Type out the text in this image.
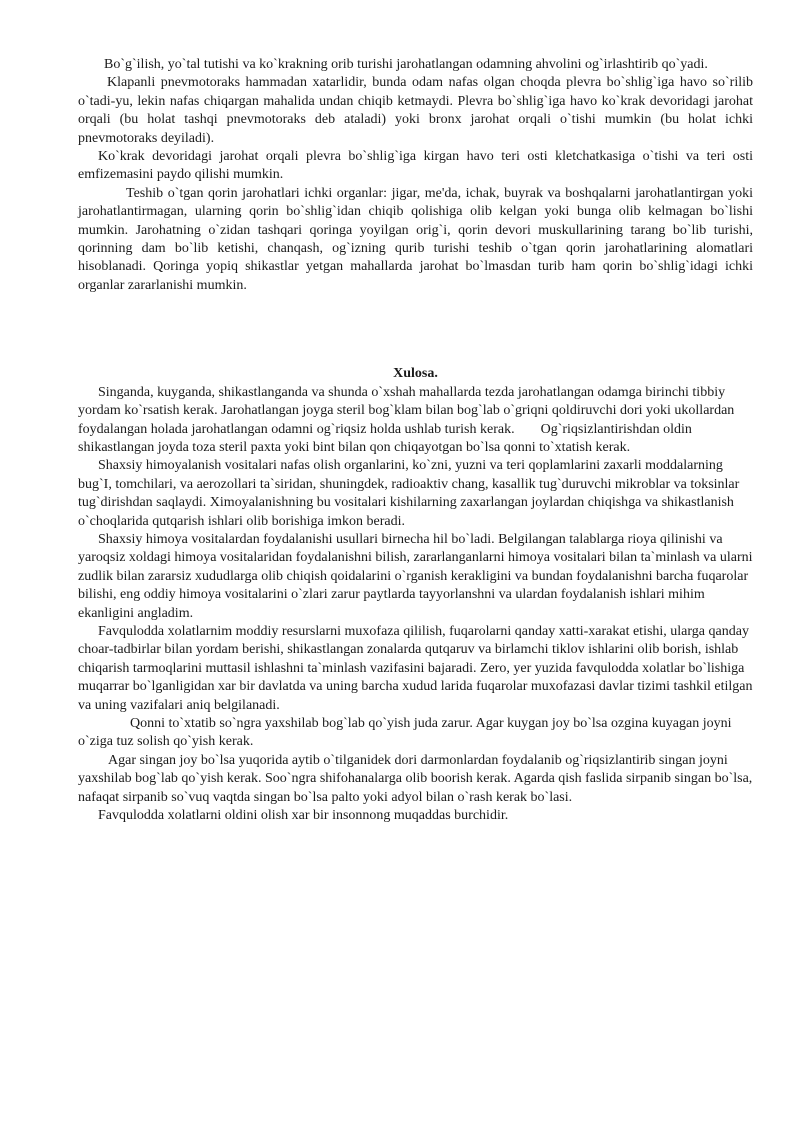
Bo`g`ilish, yo`tal tutishi va ko`krakning orib turishi jarohatlangan odamning ahvolini og`irlashtirib qo`yadi.

Klapanli pnevmotoraks hammadan xatarlidir, bunda odam nafas olgan choqda plevra bo`shlig`iga havo so`rilib o`tadi-yu, lekin nafas chiqargan mahalida undan chiqib ketmaydi. Plevra bo`shlig`iga havo ko`krak devoridagi jarohat orqali (bu holat tashqi pnevmotoraks deb ataladi) yoki bronx jarohat orqali o`tishi mumkin (bu holat ichki pnevmotoraks deyiladi).

Ko`krak devoridagi jarohat orqali plevra bo`shlig`iga kirgan havo teri osti kletchatkasiga o`tishi va teri osti emfizemasini paydo qilishi mumkin.

Teshib o`tgan qorin jarohatlari ichki organlar: jigar, me'da, ichak, buyrak va boshqalarni jarohatlantirgan yoki jarohatlantirmagan, ularning qorin bo`shlig`idan chiqib qolishiga olib kelgan yoki bunga olib kelmagan bo`lishi mumkin. Jarohatning o`zidan tashqari qoringa yoyilgan orig`i, qorin devori muskullarining tarang bo`lib turishi, qorinning dam bo`lib ketishi, chanqash, og`izning qurib turishi teshib o`tgan qorin jarohatlarining alomatlari hisoblanadi. Qoringa yopiq shikastlar yetgan mahallarda jarohat bo`lmasdan turib ham qorin bo`shlig`idagi ichki organlar zararlanishi mumkin.

Xulosa.

Singanda, kuyganda, shikastlanganda va shunda o`xshah mahallarda tezda jarohatlangan odamga birinchi tibbiy yordam ko`rsatish kerak. Jarohatlangan joyga steril bog`klam bilan bog`lab o`griqni qoldiruvchi dori yoki ukollardan foydalangan holada jarohatlangan odamni og`riqsiz holda ushlab turish kerak. Og`riqsizlantirishdan oldin shikastlangan joyda toza steril paxta yoki bint bilan qon chiqayotgan bo`lsa qonni to`xtatish kerak.

Shaxsiy himoyalanish vositalari nafas olish organlarini, ko`zni, yuzni va teri qoplamlarini zaxarli moddalarning bug`I, tomchilari, va aerozollari ta`siridan, shuningdek, radioaktiv chang, kasallik tug`duruvchi mikroblar va toksinlar tug`dirishdan saqlaydi. Ximoyalanishning bu vositalari kishilarning zaxarlangan joylardan chiqishga va shikastlanish o`choqlarida qutqarish ishlari olib borishiga imkon beradi.

Shaxsiy himoya vositalardan foydalanishi usullari birnecha hil bo`ladi. Belgilangan talablarga rioya qilinishi va yaroqsiz xoldagi himoya vositalaridan foydalanishni bilish, zararlanganlarni himoya vositalari bilan ta`minlash va ularni zudlik bilan zararsiz xududlarga olib chiqish qoidalarini o`rganish kerakligini va bundan foydalanishni barcha fuqarolar bilishi, eng oddiy himoya vositalarini o`zlari zarur paytlarda tayyorlanshni va ulardan foydalanish ishlari mihim ekanligini angladim.

Favqulodda xolatlarnim moddiy resurslarni muxofaza qililish, fuqarolarni qanday xatti-xarakat etishi, ularga qanday choar-tadbirlar bilan yordam berishi, shikastlangan zonalarda qutqaruv va birlamchi tiklov ishlarini olib borish, ishlab chiqarish tarmoqlarini muttasil ishlashni ta`minlash vazifasini bajaradi. Zero, yer yuzida favqulodda xolatlar bo`lishiga muqarrar bo`lganligidan xar bir davlatda va uning barcha xudud larida fuqarolar muxofazasi davlar tizimi tashkil etilgan va uning vazifalari aniq belgilanadi.

Qonni to`xtatib so`ngra yaxshilab bog`lab qo`yish juda zarur. Agar kuygan joy bo`lsa ozgina kuyagan joyni o`ziga tuz solish qo`yish kerak.

Agar singan joy bo`lsa yuqorida aytib o`tilganidek dori darmonlardan foydalanib og`riqsizlantirib singan joyni yaxshilab bog`lab qo`yish kerak. Soo`ngra shifohanalarga olib boorish kerak. Agarda qish faslida sirpanib singan bo`lsa, nafaqat sirpanib so`vuq vaqtda singan bo`lsa palto yoki adyol bilan o`rash kerak bo`lasi.

Favqulodda xolatlarni oldini olish xar bir insonnong muqaddas burchidir.
